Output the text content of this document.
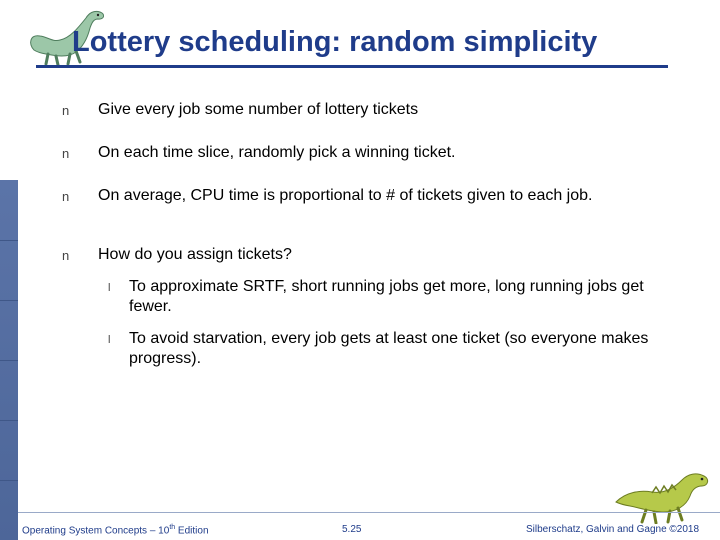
Lottery scheduling: random simplicity
n Give every job some number of lottery tickets
n On each time slice, randomly pick a winning ticket.
n On average, CPU time is proportional to # of tickets given to each job.
n How do you assign tickets?
l To approximate SRTF, short running jobs get more, long running jobs get fewer.
l To avoid starvation, every job gets at least one ticket (so everyone makes progress).
Operating System Concepts – 10th Edition	5.25	Silberschatz, Galvin and Gagne ©2018
